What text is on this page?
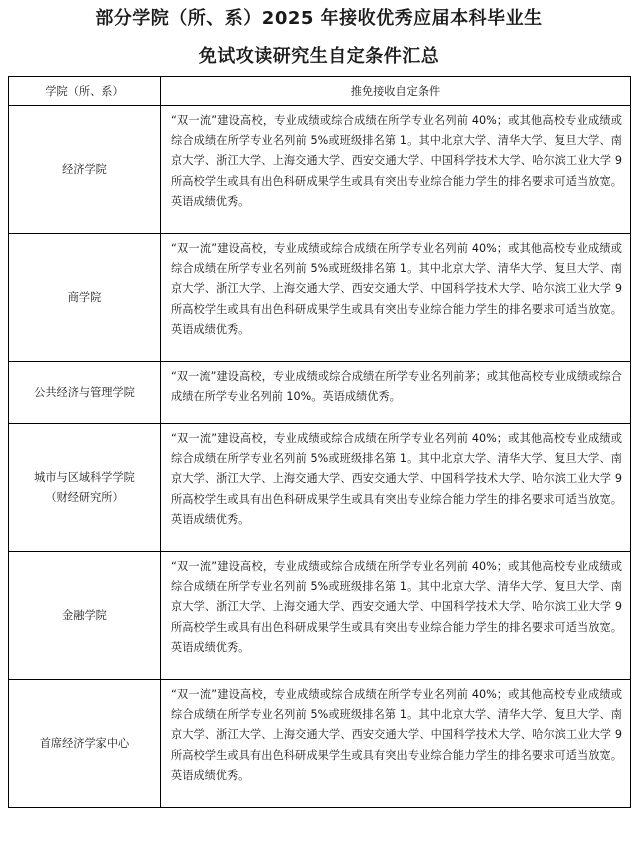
部分学院（所、系）2025 年接收优秀应届本科毕业生
免试攻读研究生自定条件汇总
学院（所、系）	推免接收自定条件
经济学院	“双一流”建设高校，专业成绩或综合成绩在所学专业名列前 40%；或其他高校专业成绩或综合成绩在所学专业名列前 5%或班级排名第 1。其中北京大学、清华大学、复旦大学、南京大学、浙江大学、上海交通大学、西安交通大学、中国科学技术大学、哈尔滨工业大学 9 所高校学生或具有出色科研成果学生或具有突出专业综合能力学生的排名要求可适当放宽。英语成绩优秀。
商学院	“双一流”建设高校，专业成绩或综合成绩在所学专业名列前 40%；或其他高校专业成绩或综合成绩在所学专业名列前 5%或班级排名第 1。其中北京大学、清华大学、复旦大学、南京大学、浙江大学、上海交通大学、西安交通大学、中国科学技术大学、哈尔滨工业大学 9 所高校学生或具有出色科研成果学生或具有突出专业综合能力学生的排名要求可适当放宽。英语成绩优秀。
公共经济与管理学院	“双一流”建设高校，专业成绩或综合成绩在所学专业名列前茅；或其他高校专业成绩或综合成绩在所学专业名列前 10%。英语成绩优秀。

城市与区域科学学院
（财经研究所）	“双一流”建设高校，专业成绩或综合成绩在所学专业名列前 40%；或其他高校专业成绩或综合成绩在所学专业名列前 5%或班级排名第 1。其中北京大学、清华大学、复旦大学、南京大学、浙江大学、上海交通大学、西安交通大学、中国科学技术大学、哈尔滨工业大学 9 所高校学生或具有出色科研成果学生或具有突出专业综合能力学生的排名要求可适当放宽。英语成绩优秀。
金融学院	“双一流”建设高校，专业成绩或综合成绩在所学专业名列前 40%；或其他高校专业成绩或综合成绩在所学专业名列前 5%或班级排名第 1。其中北京大学、清华大学、复旦大学、南京大学、浙江大学、上海交通大学、西安交通大学、中国科学技术大学、哈尔滨工业大学 9 所高校学生或具有出色科研成果学生或具有突出专业综合能力学生的排名要求可适当放宽。英语成绩优秀。
首席经济学家中心	“双一流”建设高校，专业成绩或综合成绩在所学专业名列前 40%；或其他高校专业成绩或综合成绩在所学专业名列前 5%或班级排名第 1。其中北京大学、清华大学、复旦大学、南京大学、浙江大学、上海交通大学、西安交通大学、中国科学技术大学、哈尔滨工业大学 9 所高校学生或具有出色科研成果学生或具有突出专业综合能力学生的排名要求可适当放宽。英语成绩优秀。
